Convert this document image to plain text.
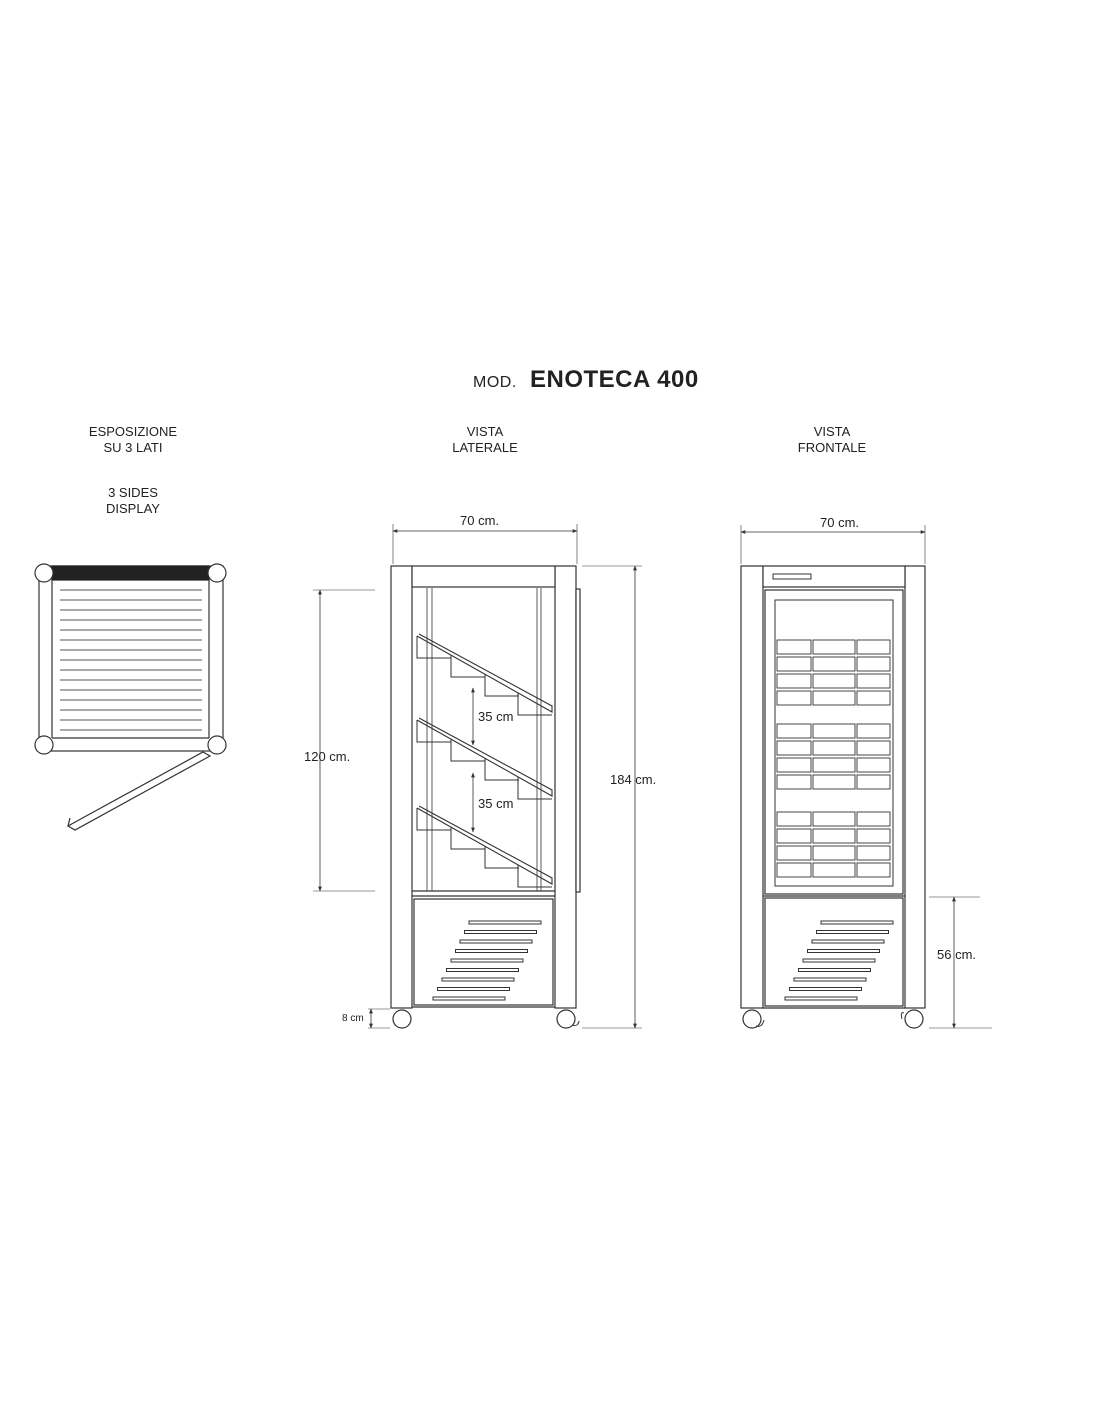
MOD. ENOTECA 400
ESPOSIZIONE
SU 3 LATI
3 SIDES
DISPLAY
VISTA
LATERALE
VISTA
FRONTALE
70 cm.	70 cm.
120 cm.
184 cm.
35 cm
35 cm
8 cm
56 cm.
